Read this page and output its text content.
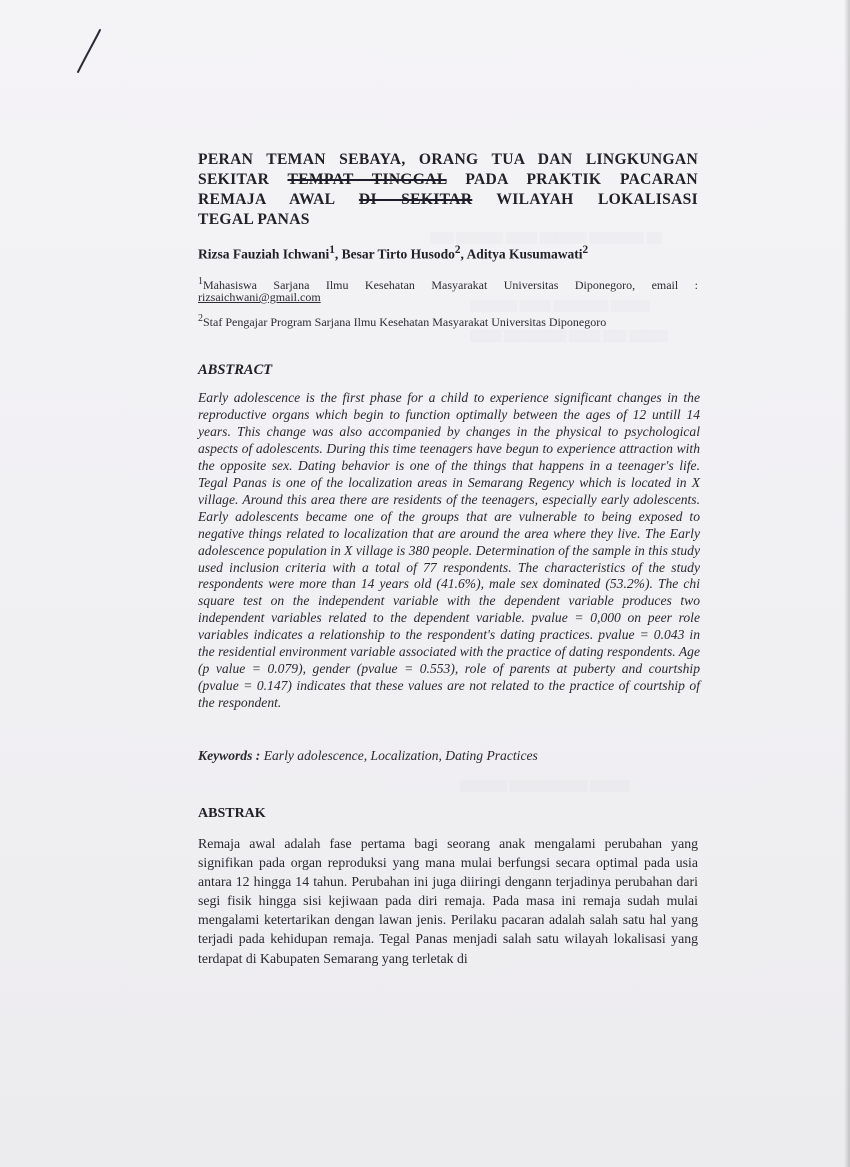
▒▒▒ ▒▒▒▒▒▒ ▒▒▒▒ ▒▒▒▒▒▒ ▒▒▒▒▒▒▒ ▒▒
▒▒▒▒▒▒ ▒▒▒▒ ▒▒▒▒▒▒▒ ▒▒▒▒▒
▒▒▒▒ ▒▒▒▒▒▒▒▒ ▒▒▒▒ ▒▒▒ ▒▒▒▒▒
▒▒▒▒▒▒ ▒▒▒▒▒▒▒▒▒▒ ▒▒▒▒▒
PERAN TEMAN SEBAYA, ORANG TUA DAN LINGKUNGAN
SEKITAR TEMPAT TINGGAL PADA PRAKTIK PACARAN
REMAJA AWAL DI SEKITAR WILAYAH LOKALISASI
TEGAL PANAS
Rizsa Fauziah Ichwani$^1$, Besar Tirto Husodo$^2$, Aditya Kusumawati$^2$
$^1$Mahasiswa Sarjana Ilmu Kesehatan Masyarakat Universitas Diponegoro, email :
rizsaichwani@gmail.com
$^2$Staf Pengajar Program Sarjana Ilmu Kesehatan Masyarakat Universitas Diponegoro
ABSTRACT
Early adolescence is the first phase for a child to experience significant changes in the reproductive organs which begin to function optimally between the ages of 12 untill 14 years. This change was also accompanied by changes in the physical to psychological aspects of adolescents. During this time teenagers have begun to experience attraction with the opposite sex. Dating behavior is one of the things that happens in a teenager's life. Tegal Panas is one of the localization areas in Semarang Regency which is located in X village. Around this area there are residents of the teenagers, especially early adolescents. Early adolescents became one of the groups that are vulnerable to being exposed to negative things related to localization that are around the area where they live. The Early adolescence population in X village is 380 people. Determination of the sample in this study used inclusion criteria with a total of 77 respondents. The characteristics of the study respondents were more than 14 years old (41.6%), male sex dominated (53.2%). The chi square test on the independent variable with the dependent variable produces two independent variables related to the dependent variable. pvalue = 0,000 on peer role variables indicates a relationship to the respondent's dating practices. pvalue = 0.043 in the residential environment variable associated with the practice of dating respondents. Age (p value = 0.079), gender (pvalue = 0.553), role of parents at puberty and courtship (pvalue = 0.147) indicates that these values are not related to the practice of courtship of the respondent.
Keywords : Early adolescence, Localization, Dating Practices
ABSTRAK
Remaja awal adalah fase pertama bagi seorang anak mengalami perubahan yang signifikan pada organ reproduksi yang mana mulai berfungsi secara optimal pada usia antara 12 hingga 14 tahun. Perubahan ini juga diiringi dengann terjadinya perubahan dari segi fisik hingga sisi kejiwaan pada diri remaja. Pada masa ini remaja sudah mulai mengalami ketertarikan dengan lawan jenis. Perilaku pacaran adalah salah satu hal yang terjadi pada kehidupan remaja. Tegal Panas menjadi salah satu wilayah lokalisasi yang terdapat di Kabupaten Semarang yang terletak di
